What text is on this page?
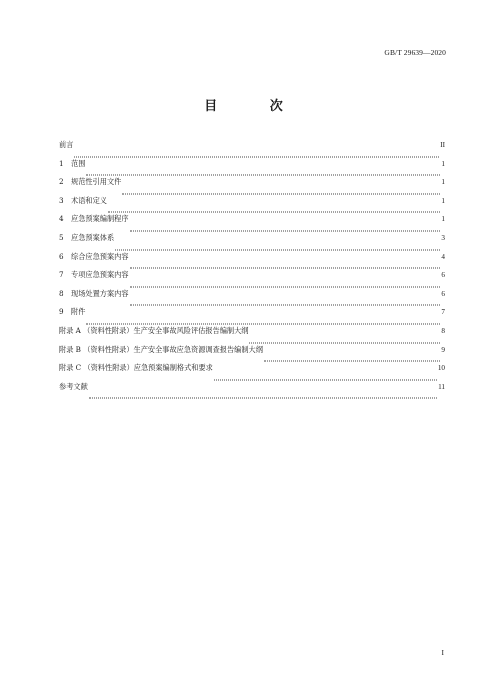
GB/T 29639—2020
目 次
前言	II
1	范围	1
2	规范性引用文件	1
3	术语和定义	1
4	应急预案编制程序	1
5	应急预案体系	3
6	综合应急预案内容	4
7	专项应急预案内容	6
8	现场处置方案内容	6
9	附件	7
附录 A （资料性附录）生产安全事故风险评估报告编制大纲	8
附录 B （资料性附录）生产安全事故应急资源调查报告编制大纲	9
附录 C （资料性附录）应急预案编制格式和要求	10
参考文献	11
I
